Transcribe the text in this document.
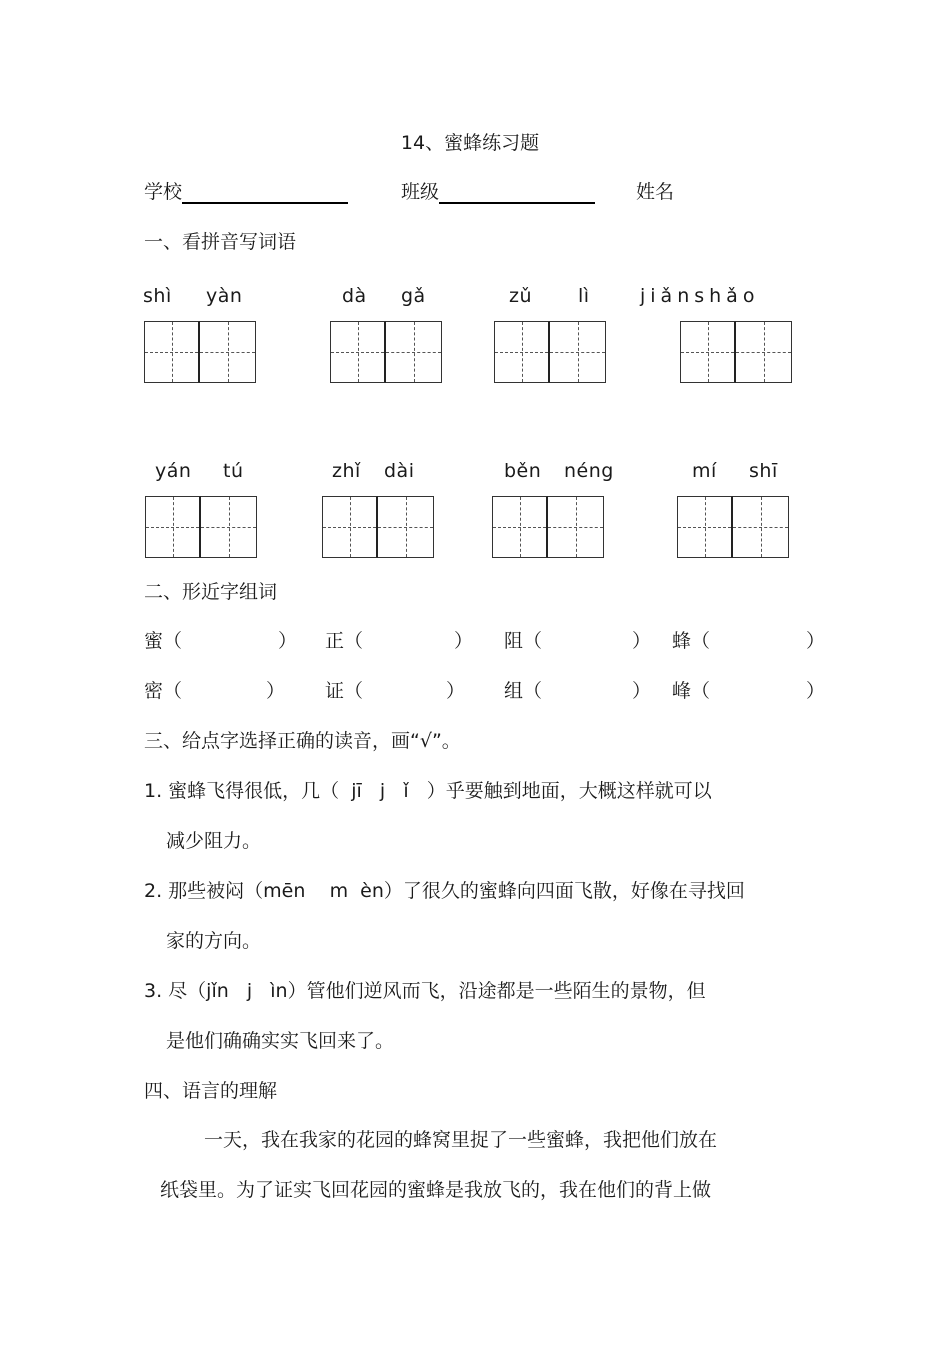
14、蜜蜂练习题
学校	班级	姓名
一、看拼音写词语
shì yàn	dà gǎ	zǔ lì	jiǎnshǎo
yán tú	zhǐ dài	běn néng	mí shī
二、形近字组词
蜜（	） 正（	） 阻（	） 蜂（	）
密（	） 证（	） 组（	） 峰（	）
三、给点字选择正确的读音，画“√”。
1. 蜜蜂飞得很低，几（  jī   j   ǐ   ）乎要触到地面，大概这样就可以
减少阻力。
2. 那些被闷（mēn    m  èn）了很久的蜜蜂向四面飞散，好像在寻找回
家的方向。
3. 尽（jǐn   j   ìn）管他们逆风而飞，沿途都是一些陌生的景物，但
是他们确确实实飞回来了。
四、语言的理解
一天，我在我家的花园的蜂窝里捉了一些蜜蜂，我把他们放在
纸袋里。为了证实飞回花园的蜜蜂是我放飞的，我在他们的背上做
